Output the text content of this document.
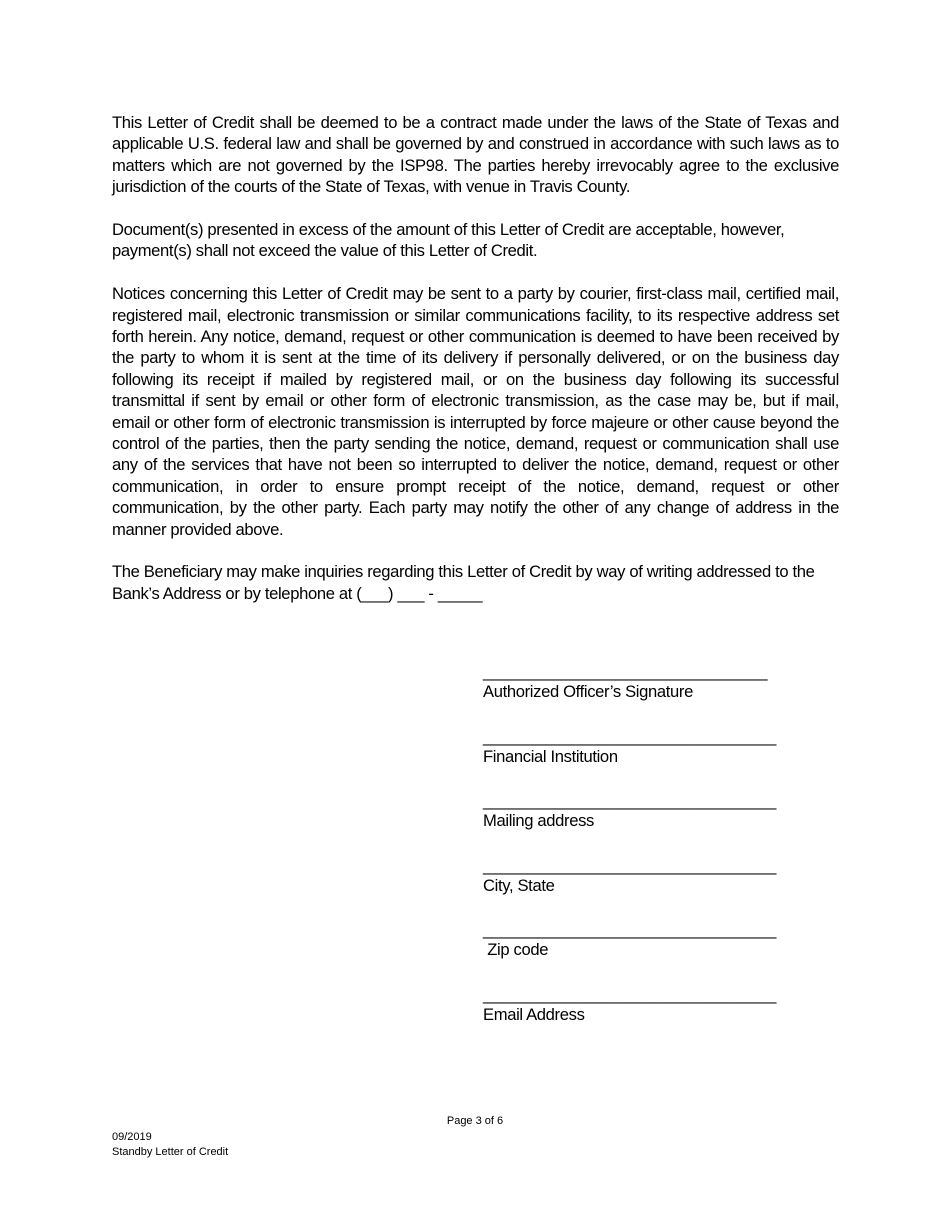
This Letter of Credit shall be deemed to be a contract made under the laws of the State of Texas and applicable U.S. federal law and shall be governed by and construed in accordance with such laws as to matters which are not governed by the ISP98. The parties hereby irrevocably agree to the exclusive jurisdiction of the courts of the State of Texas, with venue in Travis County.

Document(s) presented in excess of the amount of this Letter of Credit are acceptable, however, payment(s) shall not exceed the value of this Letter of Credit.

Notices concerning this Letter of Credit may be sent to a party by courier, first-class mail, certified mail, registered mail, electronic transmission or similar communications facility, to its respective address set forth herein. Any notice, demand, request or other communication is deemed to have been received by the party to whom it is sent at the time of its delivery if personally delivered, or on the business day following its receipt if mailed by registered mail, or on the business day following its successful transmittal if sent by email or other form of electronic transmission, as the case may be, but if mail, email or other form of electronic transmission is interrupted by force majeure or other cause beyond the control of the parties, then the party sending the notice, demand, request or communication shall use any of the services that have not been so interrupted to deliver the notice, demand, request or other communication, in order to ensure prompt receipt of the notice, demand, request or other communication, by the other party. Each party may notify the other of any change of address in the manner provided above.

The Beneficiary may make inquiries regarding this Letter of Credit by way of writing addressed to the Bank’s Address or by telephone at (___) ___ - _____

________________________________
Authorized Officer’s Signature
_________________________________
Financial Institution
_________________________________
Mailing address
_________________________________
City, State
_________________________________
Zip code
_________________________________
Email Address
Page 3 of 6
09/2019
Standby Letter of Credit
